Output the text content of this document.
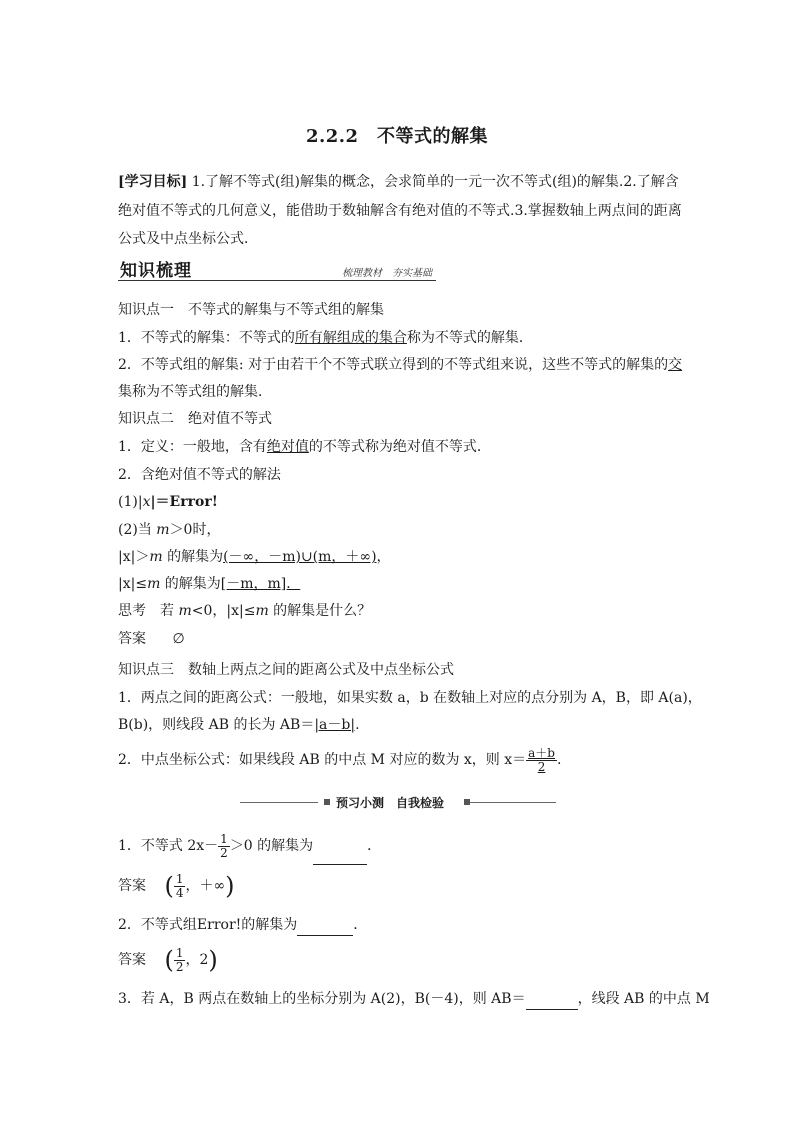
2.2.2　不等式的解集
[学习目标] 1.了解不等式(组)解集的概念，会求简单的一元一次不等式(组)的解集.2.了解含
绝对值不等式的几何意义，能借助于数轴解含有绝对值的不等式.3.掌握数轴上两点间的距离
公式及中点坐标公式．
知识梳理	梳理教材　夯实基础
知识点一　不等式的解集与不等式组的解集
1．不等式的解集：不等式的所有解组成的集合称为不等式的解集．
2．不等式组的解集: 对于由若干个不等式联立得到的不等式组来说，这些不等式的解集的交
集称为不等式组的解集．
知识点二　绝对值不等式
1．定义：一般地，含有绝对值的不等式称为绝对值不等式．
2．含绝对值不等式的解法
(1)|x|＝Error!
(2)当 m＞0时，
|x|＞m 的解集为(－∞，－m)∪(m，＋∞)，
|x|≤m 的解集为[－m，m]．
思考　若 m<0，|x|≤m 的解集是什么？
答案 ∅
知识点三　数轴上两点之间的距离公式及中点坐标公式
1．两点之间的距离公式：一般地，如果实数 a，b 在数轴上对应的点分别为 A，B，即 A(a)，
B(b)，则线段 AB 的长为 AB＝|a－b|.
2．中点坐标公式：如果线段 AB 的中点 M 对应的数为 x，则 $x= \frac{a+b}{2}$ .
预习小测　自我检验
1．不等式 $2x- \frac{1}{2} >0$ 的解集为	．
答案 ( $\frac{1}{4}$ ，＋∞)
2．不等式组Error!的解集为	．
答案 ( $\frac{1}{2}$ ，2)
3．若 A，B 两点在数轴上的坐标分别为 A(2)，B(－4)，则 AB＝	，线段 AB 的中点 M
